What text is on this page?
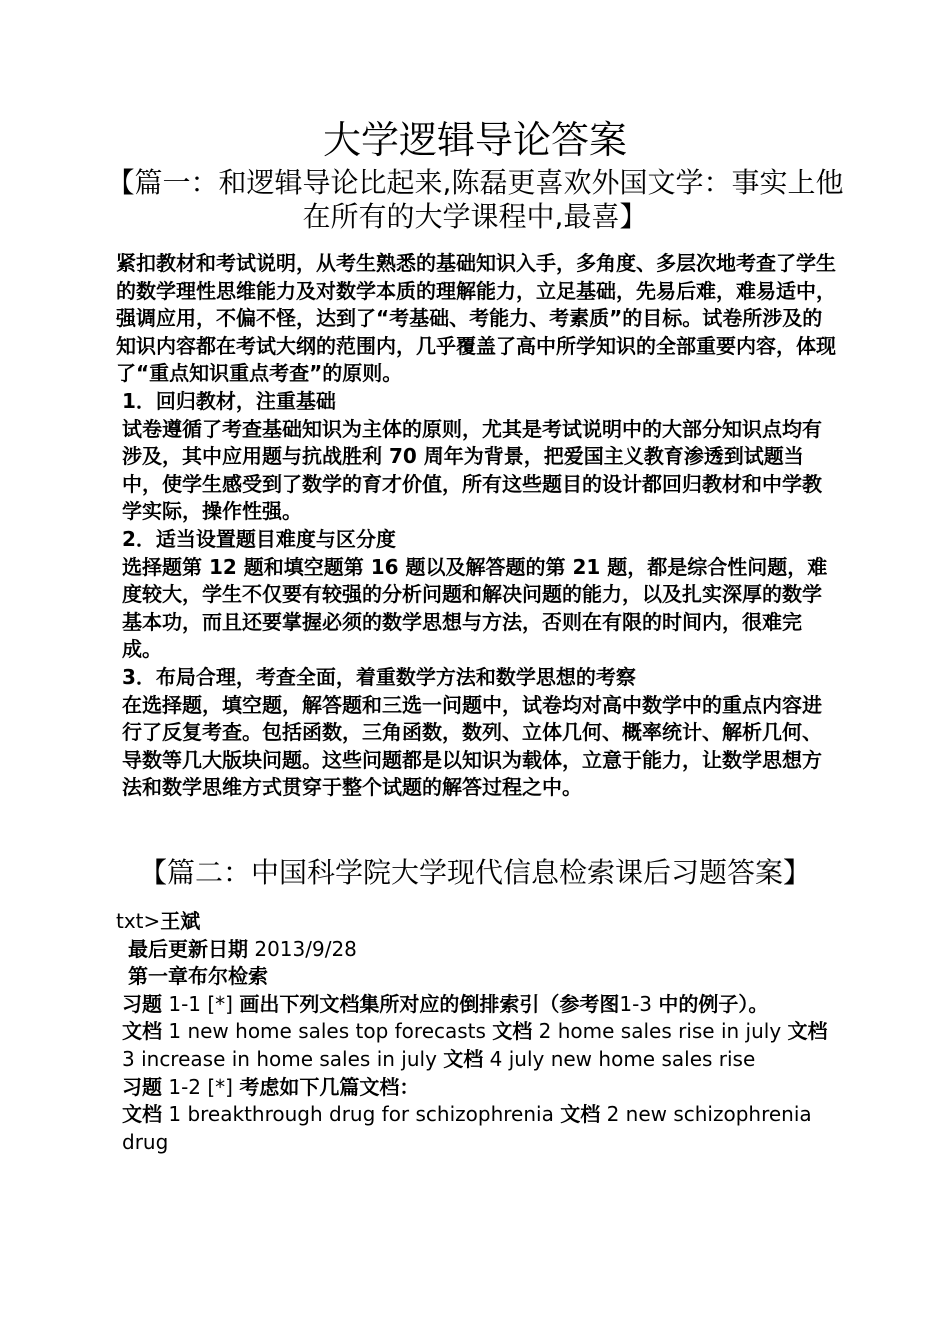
大学逻辑导论答案
【篇一：和逻辑导论比起来,陈磊更喜欢外国文学：事实上他在所有的大学课程中,最喜】

紧扣教材和考试说明，从考生熟悉的基础知识入手，多角度、多层次地考查了学生的数学理性思维能力及对数学本质的理解能力，立足基础，先易后难，难易适中，强调应用，不偏不怪，达到了“考基础、考能力、考素质”的目标。试卷所涉及的知识内容都在考试大纲的范围内，几乎覆盖了高中所学知识的全部重要内容，体现了“重点知识重点考查”的原则。

1．回归教材，注重基础

试卷遵循了考查基础知识为主体的原则，尤其是考试说明中的大部分知识点均有涉及，其中应用题与抗战胜利 70 周年为背景，把爱国主义教育渗透到试题当中，使学生感受到了数学的育才价值，所有这些题目的设计都回归教材和中学教学实际，操作性强。

2．适当设置题目难度与区分度

选择题第 12 题和填空题第 16 题以及解答题的第 21 题，都是综合性问题，难度较大，学生不仅要有较强的分析问题和解决问题的能力，以及扎实深厚的数学基本功，而且还要掌握必须的数学思想与方法，否则在有限的时间内，很难完成。

3．布局合理，考查全面，着重数学方法和数学思想的考察

在选择题，填空题，解答题和三选一问题中，试卷均对高中数学中的重点内容进行了反复考查。包括函数，三角函数，数列、立体几何、概率统计、解析几何、导数等几大版块问题。这些问题都是以知识为载体，立意于能力，让数学思想方法和数学思维方式贯穿于整个试题的解答过程之中。

【篇二：中国科学院大学现代信息检索课后习题答案】

txt>王斌

最后更新日期 2013/9/28

第一章布尔检索

习题 1-1 [*] 画出下列文档集所对应的倒排索引（参考图1-3 中的例子）。

文档 1 new home sales top forecasts 文档 2 home sales rise in july 文档 3 increase in home sales in july 文档 4 july new home sales rise

习题 1-2 [*] 考虑如下几篇文档：

文档 1 breakthrough drug for schizophrenia 文档 2 new schizophrenia drug
